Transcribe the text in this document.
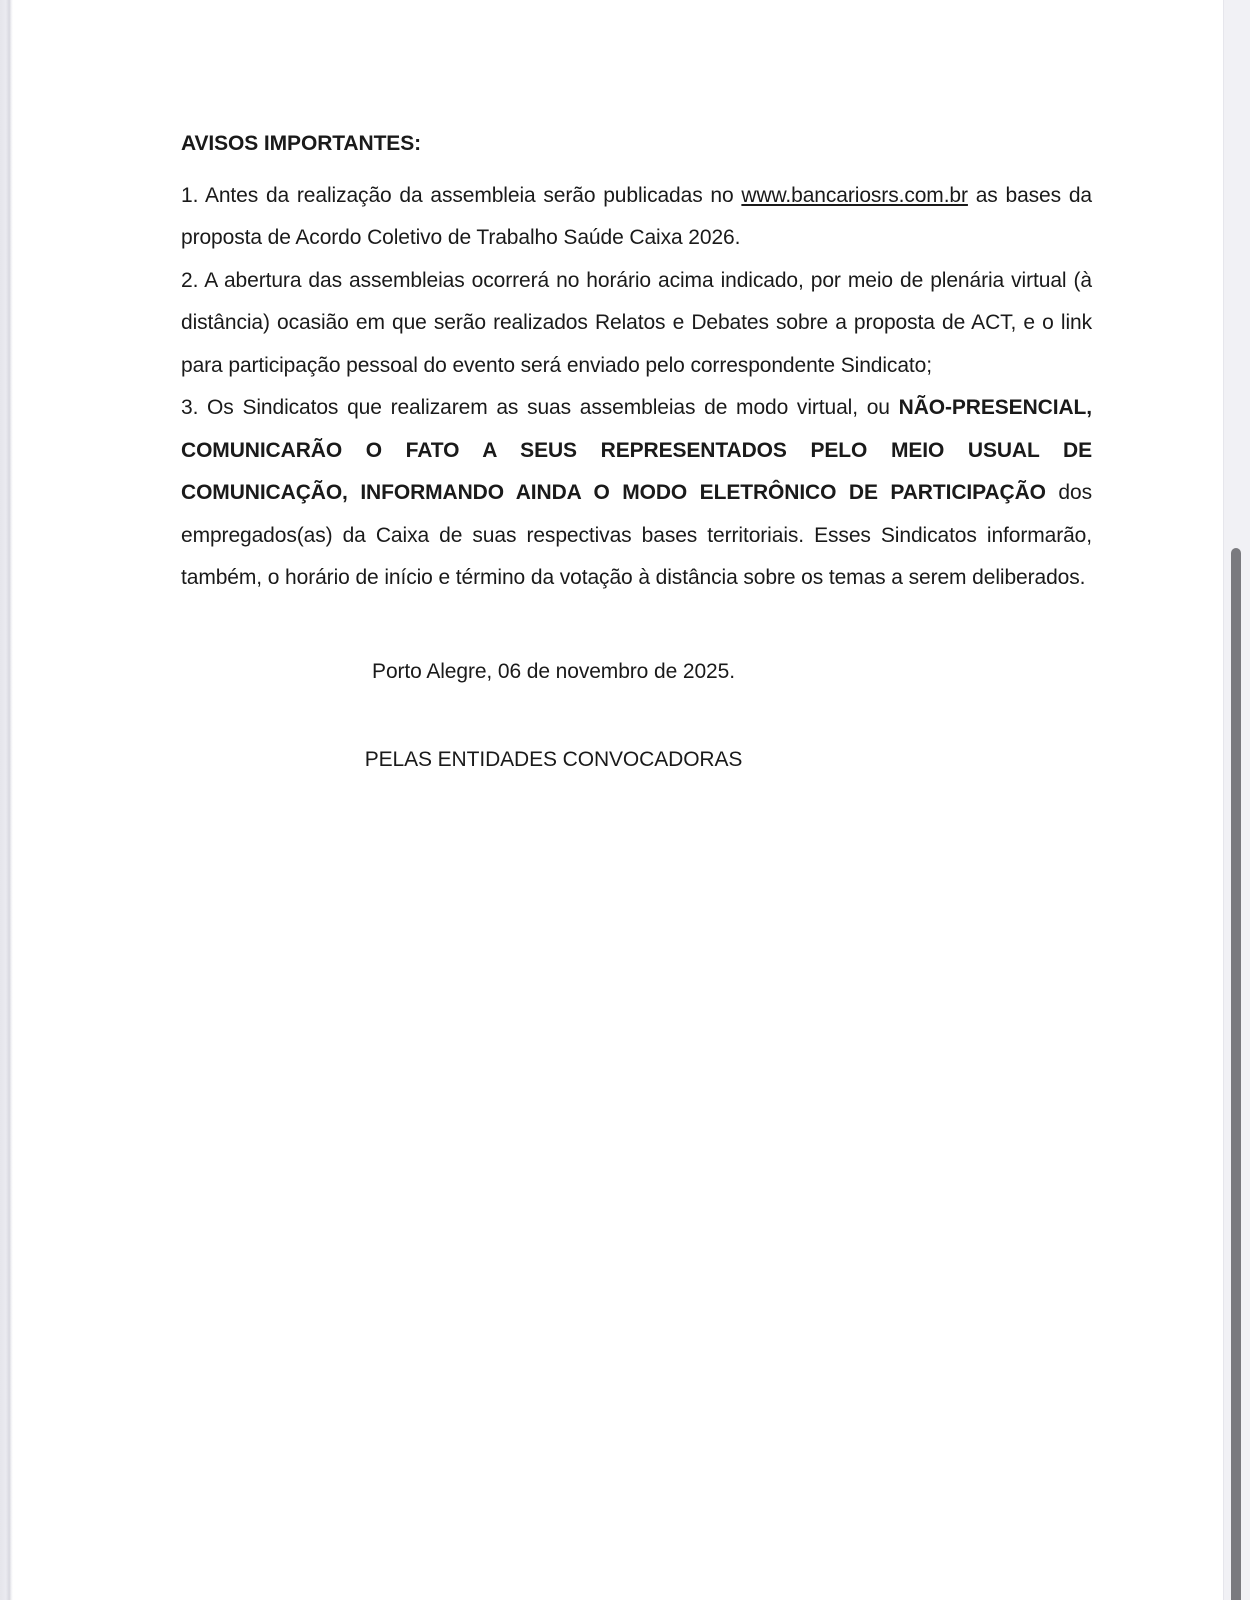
AVISOS IMPORTANTES:

1. Antes da realização da assembleia serão publicadas no www.bancariosrs.com.br as bases da proposta de Acordo Coletivo de Trabalho Saúde Caixa 2026.

2. A abertura das assembleias ocorrerá no horário acima indicado, por meio de plenária virtual (à distância) ocasião em que serão realizados Relatos e Debates sobre a proposta de ACT, e o link para participação pessoal do evento será enviado pelo correspondente Sindicato;

3. Os Sindicatos que realizarem as suas assembleias de modo virtual, ou NÃO-PRESENCIAL, COMUNICARÃO O FATO A SEUS REPRESENTADOS PELO MEIO USUAL DE COMUNICAÇÃO, INFORMANDO AINDA O MODO ELETRÔNICO DE PARTICIPAÇÃO dos empregados(as) da Caixa de suas respectivas bases territoriais. Esses Sindicatos informarão, também, o horário de início e término da votação à distância sobre os temas a serem deliberados.

Porto Alegre, 06 de novembro de 2025.

PELAS ENTIDADES CONVOCADORAS
